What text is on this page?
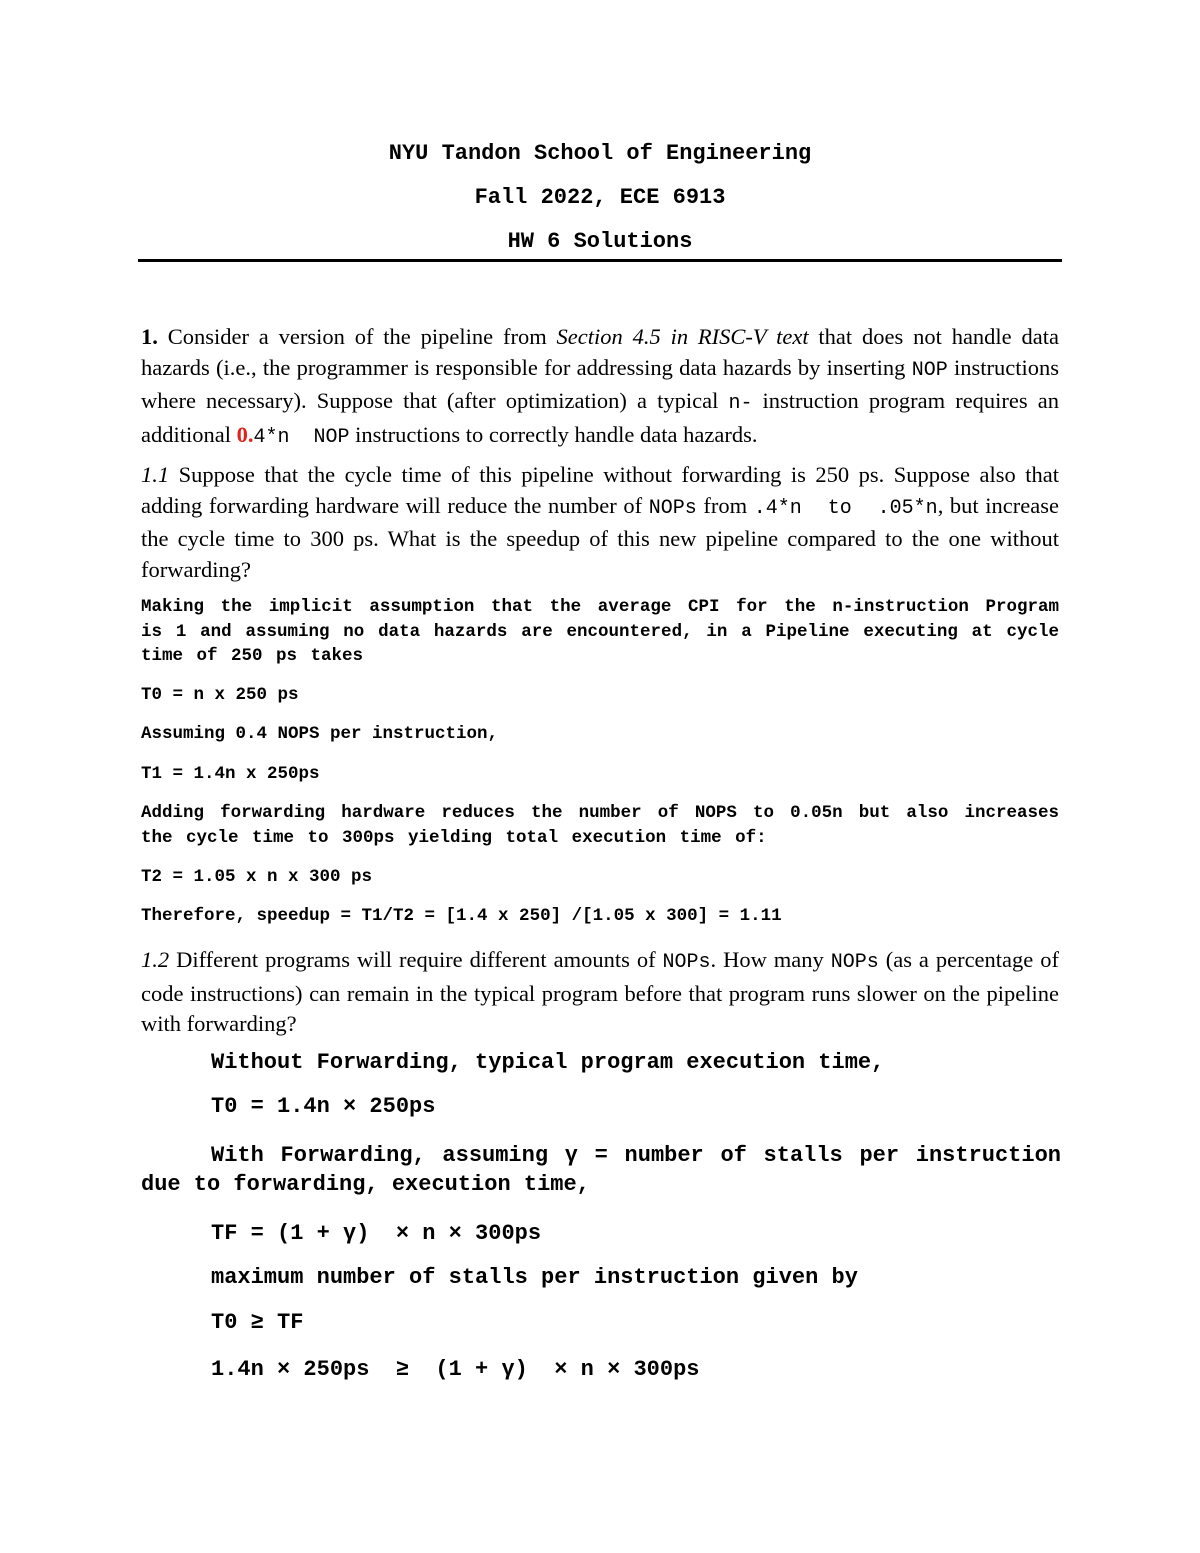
NYU Tandon School of Engineering
Fall 2022, ECE 6913
HW 6 Solutions
1. Consider a version of the pipeline from Section 4.5 in RISC-V text that does not handle data hazards (i.e., the programmer is responsible for addressing data hazards by inserting NOP instructions where necessary). Suppose that (after optimization) a typical n- instruction program requires an additional 0.4*n  NOP instructions to correctly handle data hazards.
1.1 Suppose that the cycle time of this pipeline without forwarding is 250 ps. Suppose also that adding forwarding hardware will reduce the number of NOPs from .4*n  to  .05*n, but increase the cycle time to 300 ps. What is the speedup of this new pipeline compared to the one without forwarding?
Making the implicit assumption that the average CPI for the n-instruction Program is 1 and assuming no data hazards are encountered, in a Pipeline executing at cycle time of 250 ps takes
T0 = n x 250 ps
Assuming 0.4 NOPS per instruction,
T1 = 1.4n x 250ps
Adding forwarding hardware reduces the number of NOPS to 0.05n but also increases the cycle time to 300ps yielding total execution time of:
T2 = 1.05 x n x 300 ps
Therefore, speedup = T1/T2 = [1.4 x 250] /[1.05 x 300] = 1.11
1.2 Different programs will require different amounts of NOPs. How many NOPs (as a percentage of code instructions) can remain in the typical program before that program runs slower on the pipeline with forwarding?
Without Forwarding, typical program execution time,
T0 = 1.4n × 250ps
With Forwarding, assuming γ = number of stalls per instruction due to forwarding, execution time,
TF = (1 + γ)  × n × 300ps
maximum number of stalls per instruction given by
T0 ≥ TF
1.4n × 250ps  ≥  (1 + γ)  × n × 300ps
